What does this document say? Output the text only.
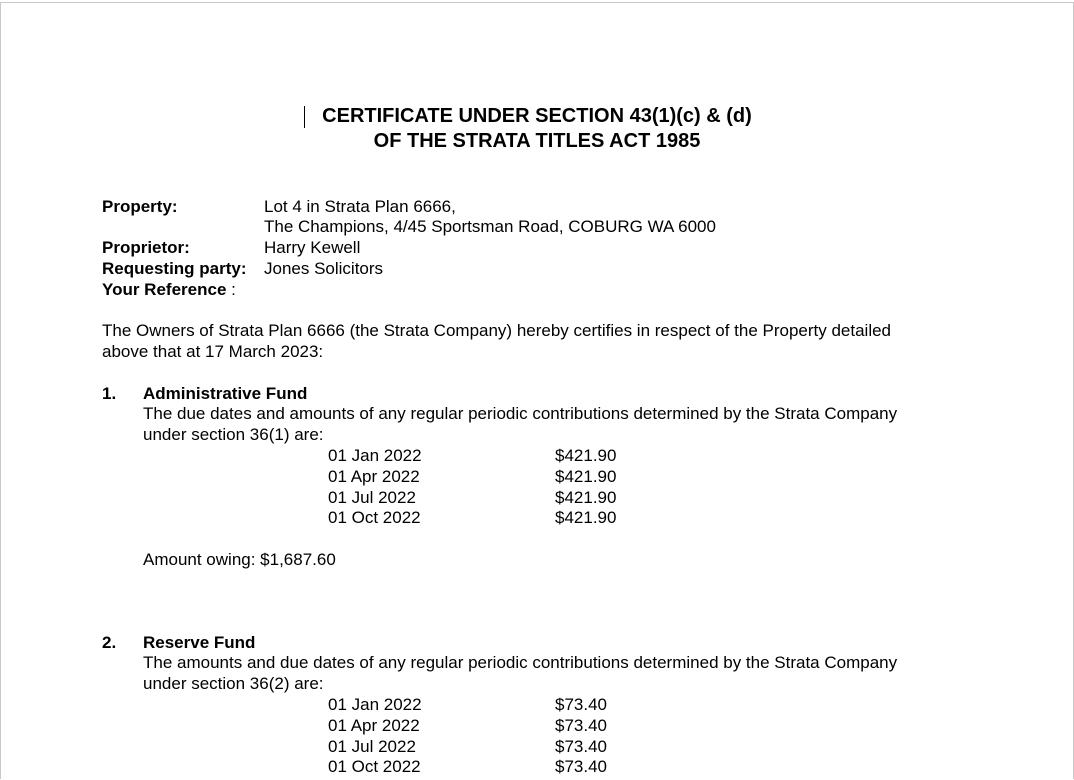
CERTIFICATE UNDER SECTION 43(1)(c) & (d)
OF THE STRATA TITLES ACT 1985
Property:	Lot 4 in Strata Plan 6666,
The Champions, 4/45 Sportsman Road, COBURG WA 6000
Proprietor:	Harry Kewell
Requesting party: Jones Solicitors
Your Reference :
The Owners of Strata Plan 6666 (the Strata Company) hereby certifies in respect of the Property detailed
above that at 17 March 2023:
1. Administrative Fund
The due dates and amounts of any regular periodic contributions determined by the Strata Company
under section 36(1) are:
01 Jan 2022	$421.90
01 Apr 2022	$421.90
01 Jul 2022	$421.90
01 Oct 2022	$421.90
Amount owing: $1,687.60
2. Reserve Fund
The amounts and due dates of any regular periodic contributions determined by the Strata Company
under section 36(2) are:
01 Jan 2022	$73.40
01 Apr 2022	$73.40
01 Jul 2022	$73.40
01 Oct 2022	$73.40
